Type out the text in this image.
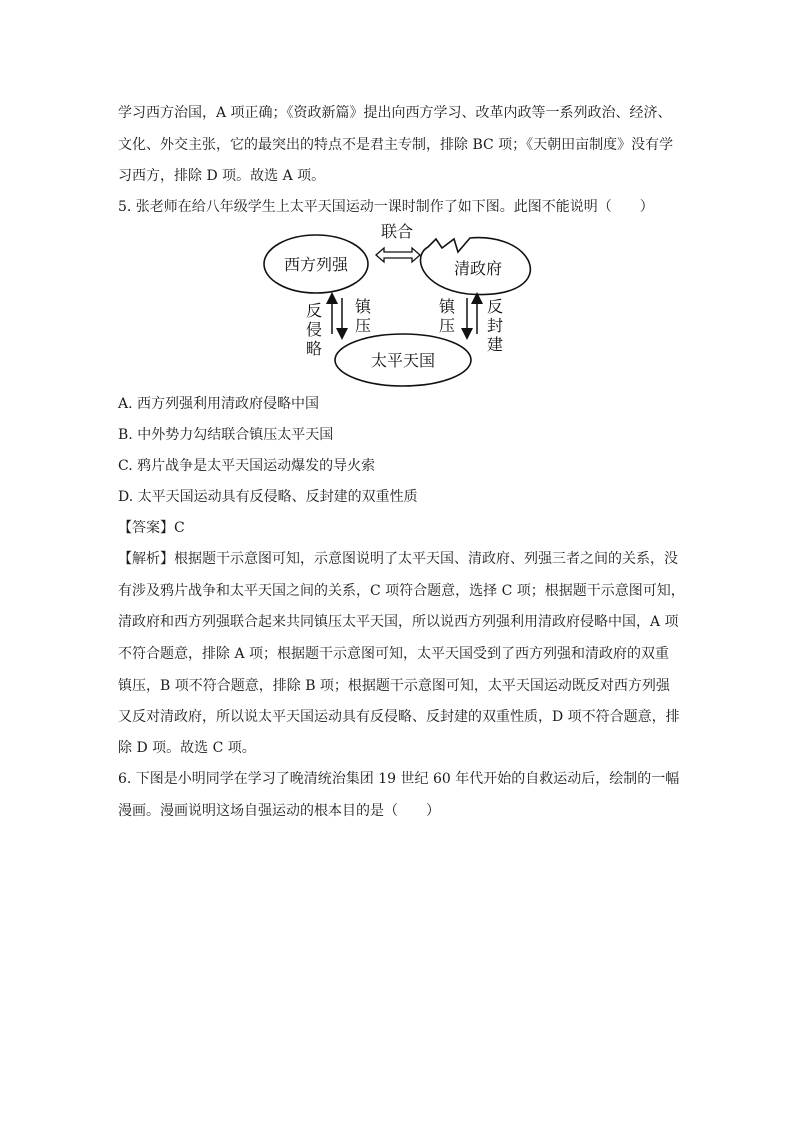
学习西方治国，A 项正确；《资政新篇》提出向西方学习、改革内政等一系列政治、经济、
文化、外交主张，它的最突出的特点不是君主专制，排除 BC 项；《天朝田亩制度》没有学
习西方，排除 D 项。故选 A 项。
5. 张老师在给八年级学生上太平天国运动一课时制作了如下图。此图不能说明（　　）
西方列强	清政府
联合
太平天国
反
侵
略
镇
压
镇
压
反
封
建
A. 西方列强利用清政府侵略中国
B. 中外势力勾结联合镇压太平天国
C. 鸦片战争是太平天国运动爆发的导火索
D. 太平天国运动具有反侵略、反封建的双重性质
【答案】C
【解析】根据题干示意图可知，示意图说明了太平天国、清政府、列强三者之间的关系，没
有涉及鸦片战争和太平天国之间的关系，C 项符合题意，选择 C 项；根据题干示意图可知，
清政府和西方列强联合起来共同镇压太平天国，所以说西方列强利用清政府侵略中国，A 项
不符合题意，排除 A 项；根据题干示意图可知，太平天国受到了西方列强和清政府的双重
镇压，B 项不符合题意，排除 B 项；根据题干示意图可知，太平天国运动既反对西方列强
又反对清政府，所以说太平天国运动具有反侵略、反封建的双重性质，D 项不符合题意，排
除 D 项。故选 C 项。
6. 下图是小明同学在学习了晚清统治集团 19 世纪 60 年代开始的自救运动后，绘制的一幅
漫画。漫画说明这场自强运动的根本目的是（　　）
